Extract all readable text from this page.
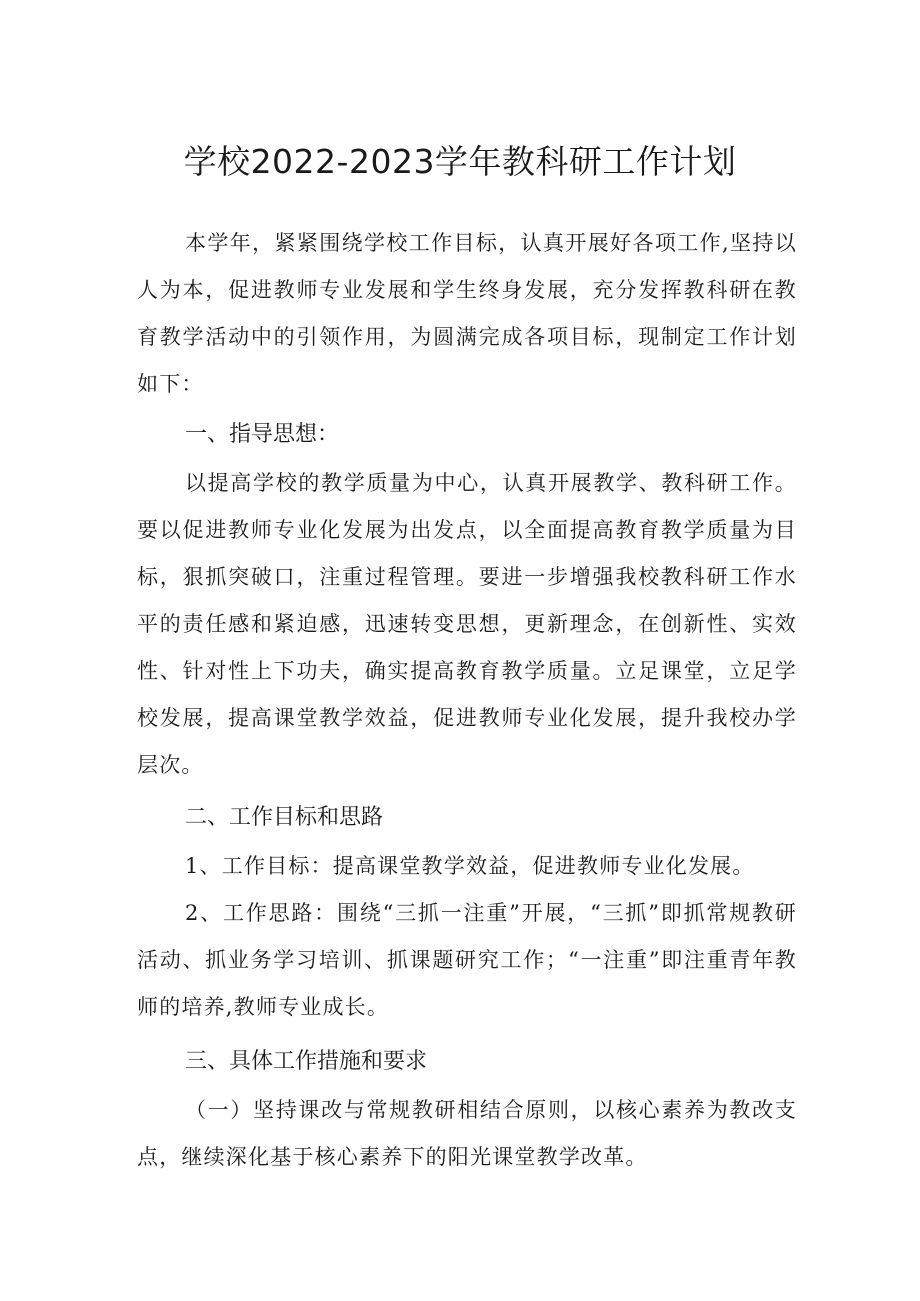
学校2022-2023学年教科研工作计划

本学年，紧紧围绕学校工作目标，认真开展好各项工作,坚持以人为本，促进教师专业发展和学生终身发展，充分发挥教科研在教育教学活动中的引领作用，为圆满完成各项目标，现制定工作计划如下：

一、指导思想：

以提高学校的教学质量为中心，认真开展教学、教科研工作。要以促进教师专业化发展为出发点，以全面提高教育教学质量为目标，狠抓突破口，注重过程管理。要进一步增强我校教科研工作水平的责任感和紧迫感，迅速转变思想，更新理念，在创新性、实效性、针对性上下功夫，确实提高教育教学质量。立足课堂，立足学校发展，提高课堂教学效益，促进教师专业化发展，提升我校办学层次。

二、工作目标和思路

1、工作目标：提高课堂教学效益，促进教师专业化发展。

2、工作思路：围绕“三抓一注重”开展，“三抓”即抓常规教研活动、抓业务学习培训、抓课题研究工作；“一注重”即注重青年教师的培养,教师专业成长。

三、具体工作措施和要求

（一）坚持课改与常规教研相结合原则，以核心素养为教改支点，继续深化基于核心素养下的阳光课堂教学改革。
